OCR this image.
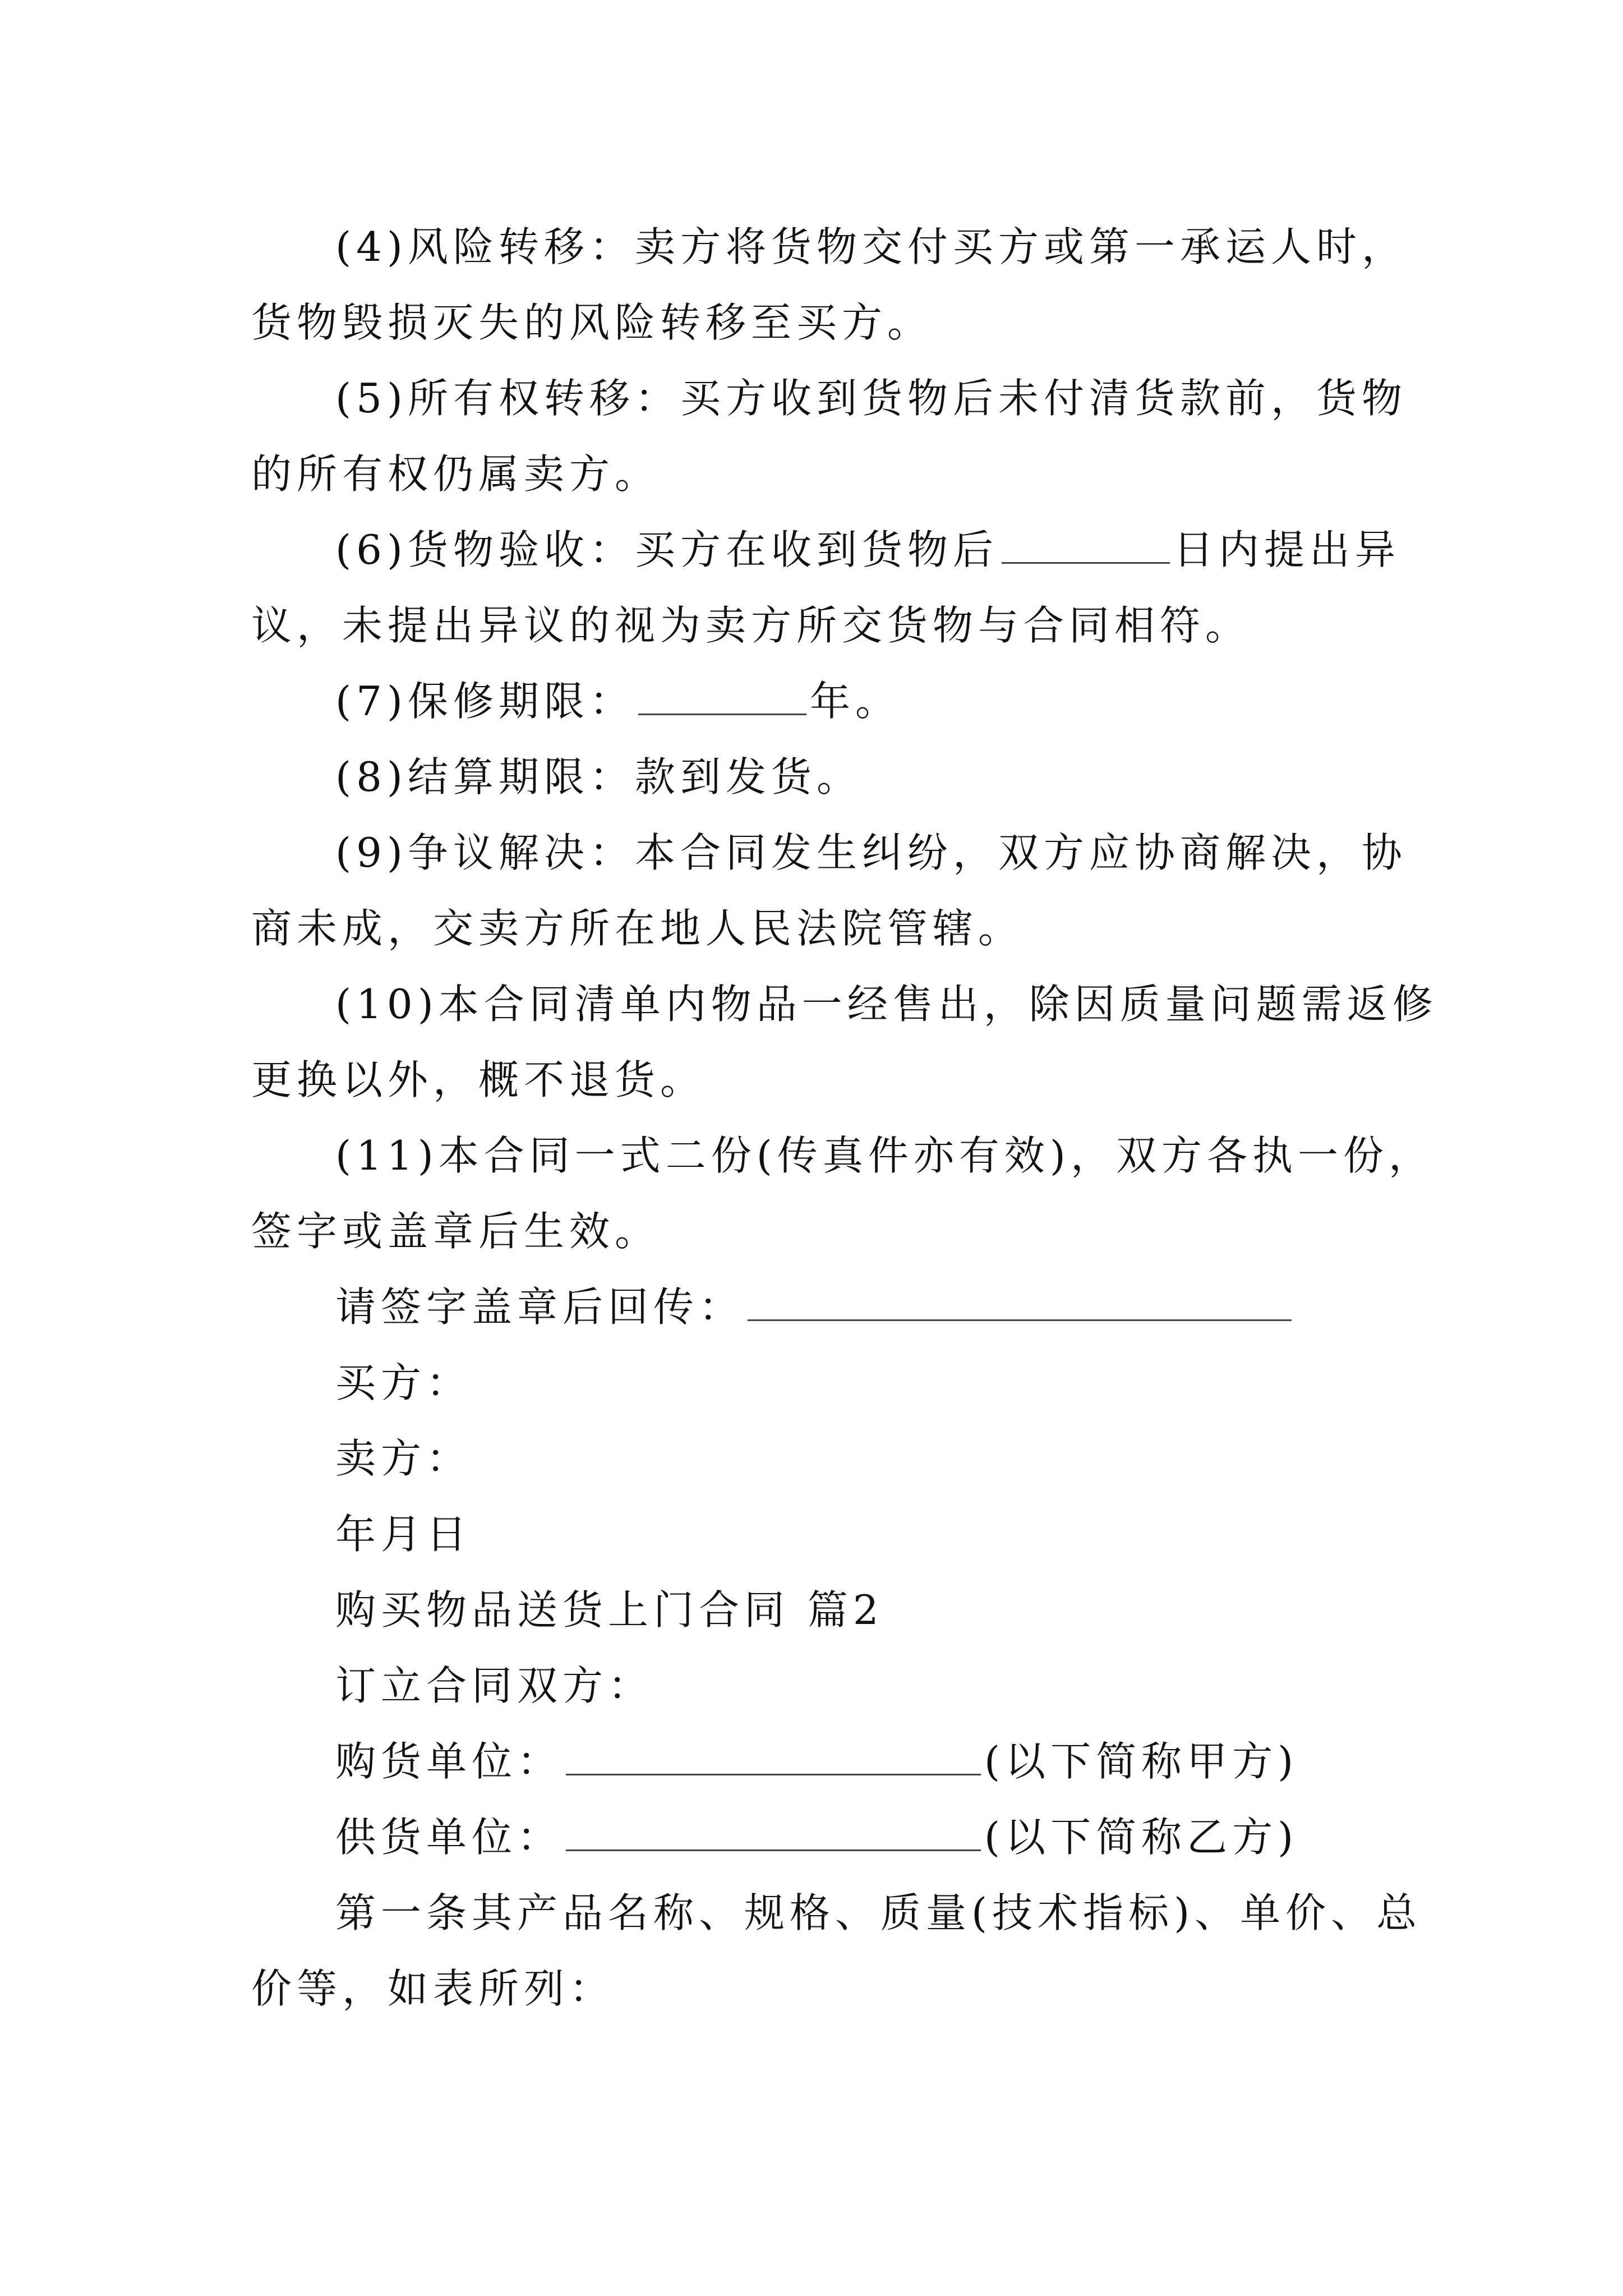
(4)风险转移：卖方将货物交付买方或第一承运人时，
货物毁损灭失的风险转移至买方。
(5)所有权转移：买方收到货物后未付清货款前，货物
的所有权仍属卖方。
(6)货物验收：买方在收到货物后	日内提出异
议，未提出异议的视为卖方所交货物与合同相符。
(7)保修期限：	年。
(8)结算期限：款到发货。
(9)争议解决：本合同发生纠纷，双方应协商解决，协
商未成，交卖方所在地人民法院管辖。
(10)本合同清单内物品一经售出，除因质量问题需返修
更换以外，概不退货。
(11)本合同一式二份(传真件亦有效)，双方各执一份，
签字或盖章后生效。
请签字盖章后回传：
买方：
卖方：
年月日
购买物品送货上门合同 篇2
订立合同双方：
购货单位：	(以下简称甲方)
供货单位：	(以下简称乙方)
第一条其产品名称、规格、质量(技术指标)、单价、总
价等，如表所列：
